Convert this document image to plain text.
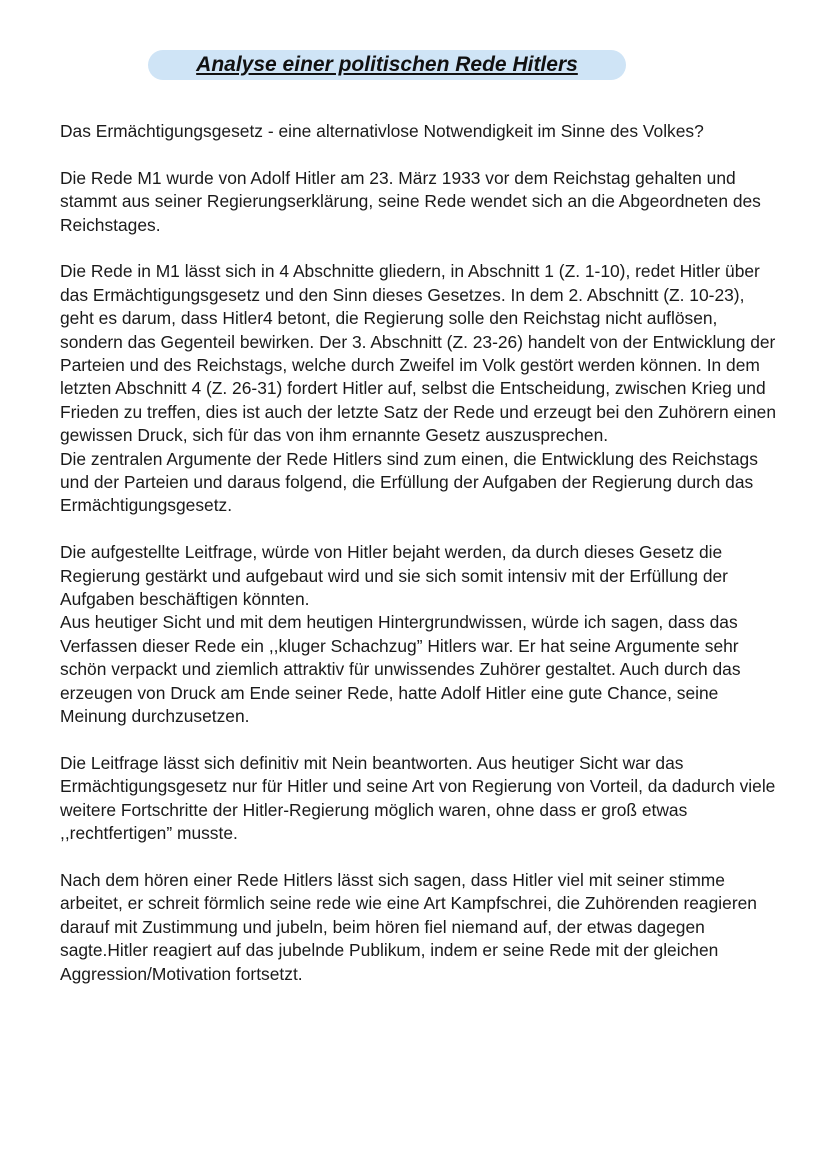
Analyse einer politischen Rede Hitlers

Das Ermächtigungsgesetz - eine alternativlose Notwendigkeit im Sinne des Volkes?

Die Rede M1 wurde von Adolf Hitler am 23. März 1933 vor dem Reichstag gehalten und stammt aus seiner Regierungserklärung, seine Rede wendet sich an die Abgeordneten des Reichstages.

Die Rede in M1 lässt sich in 4 Abschnitte gliedern, in Abschnitt 1 (Z. 1-10), redet Hitler über das Ermächtigungsgesetz und den Sinn dieses Gesetzes. In dem 2. Abschnitt (Z. 10-23), geht es darum, dass Hitler4 betont, die Regierung solle den Reichstag nicht auflösen, sondern das Gegenteil bewirken. Der 3. Abschnitt (Z. 23-26) handelt von der Entwicklung der Parteien und des Reichstags, welche durch Zweifel im Volk gestört werden können. In dem letzten Abschnitt 4 (Z. 26-31) fordert Hitler auf, selbst die Entscheidung, zwischen Krieg und Frieden zu treffen, dies ist auch der letzte Satz der Rede und erzeugt bei den Zuhörern einen gewissen Druck, sich für das von ihm ernannte Gesetz auszusprechen.

Die zentralen Argumente der Rede Hitlers sind zum einen, die Entwicklung des Reichstags und der Parteien und daraus folgend, die Erfüllung der Aufgaben der Regierung durch das Ermächtigungsgesetz.

Die aufgestellte Leitfrage, würde von Hitler bejaht werden, da durch dieses Gesetz die Regierung gestärkt und aufgebaut wird und sie sich somit intensiv mit der Erfüllung der Aufgaben beschäftigen könnten.

Aus heutiger Sicht und mit dem heutigen Hintergrundwissen, würde ich sagen, dass das Verfassen dieser Rede ein ,,kluger Schachzug” Hitlers war. Er hat seine Argumente sehr schön verpackt und ziemlich attraktiv für unwissendes Zuhörer gestaltet. Auch durch das erzeugen von Druck am Ende seiner Rede, hatte Adolf Hitler eine gute Chance, seine Meinung durchzusetzen.

Die Leitfrage lässt sich definitiv mit Nein beantworten. Aus heutiger Sicht war das Ermächtigungsgesetz nur für Hitler und seine Art von Regierung von Vorteil, da dadurch viele weitere Fortschritte der Hitler-Regierung möglich waren, ohne dass er groß etwas ,,rechtfertigen” musste.

Nach dem hören einer Rede Hitlers lässt sich sagen, dass Hitler viel mit seiner stimme arbeitet, er schreit förmlich seine rede wie eine Art Kampfschrei, die Zuhörenden reagieren darauf mit Zustimmung und jubeln, beim hören fiel niemand auf, der etwas dagegen sagte.Hitler reagiert auf das jubelnde Publikum, indem er seine Rede mit der gleichen Aggression/Motivation fortsetzt.
